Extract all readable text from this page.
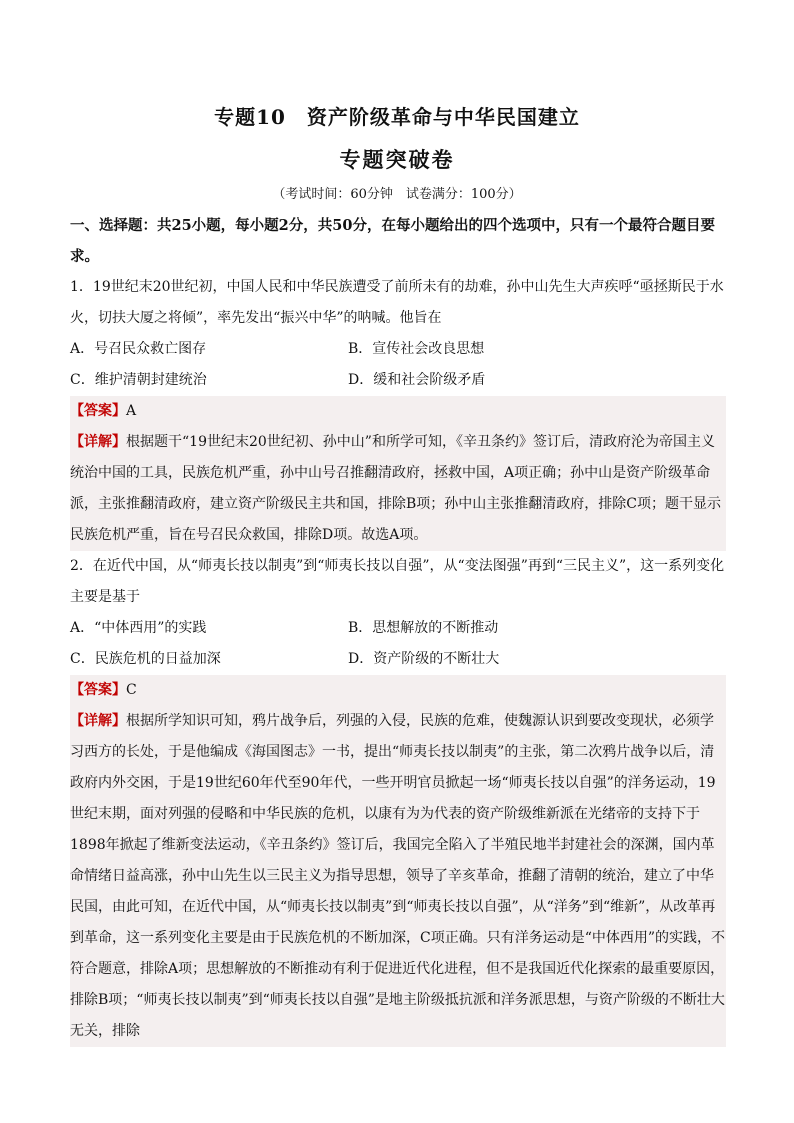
专题10　资产阶级革命与中华民国建立
专题突破卷
（考试时间：60分钟　试卷满分：100分）

一、选择题：共25小题，每小题2分，共50分，在每小题给出的四个选项中，只有一个最符合题目要求。

1．19世纪末20世纪初，中国人民和中华民族遭受了前所未有的劫难，孙中山先生大声疾呼“亟拯斯民于水火，切扶大厦之将倾”，率先发出“振兴中华”的呐喊。他旨在

A．号召民众救亡图存	B．宣传社会改良思想
C．维护清朝封建统治	D．缓和社会阶级矛盾

【答案】A

【详解】根据题干“19世纪末20世纪初、孙中山”和所学可知，《辛丑条约》签订后，清政府沦为帝国主义统治中国的工具，民族危机严重，孙中山号召推翻清政府，拯救中国，A项正确；孙中山是资产阶级革命派，主张推翻清政府，建立资产阶级民主共和国，排除B项；孙中山主张推翻清政府，排除C项；题干显示民族危机严重，旨在号召民众救国，排除D项。故选A项。

2．在近代中国，从“师夷长技以制夷”到“师夷长技以自强”，从“变法图强”再到“三民主义”，这一系列变化主要是基于

A．“中体西用”的实践	B．思想解放的不断推动
C．民族危机的日益加深	D．资产阶级的不断壮大

【答案】C

【详解】根据所学知识可知，鸦片战争后，列强的入侵，民族的危难，使魏源认识到要改变现状，必须学习西方的长处，于是他编成《海国图志》一书，提出“师夷长技以制夷”的主张，第二次鸦片战争以后，清政府内外交困，于是19世纪60年代至90年代，一些开明官员掀起一场“师夷长技以自强”的洋务运动，19世纪末期，面对列强的侵略和中华民族的危机，以康有为为代表的资产阶级维新派在光绪帝的支持下于1898年掀起了维新变法运动，《辛丑条约》签订后，我国完全陷入了半殖民地半封建社会的深渊，国内革命情绪日益高涨，孙中山先生以三民主义为指导思想，领导了辛亥革命，推翻了清朝的统治，建立了中华民国，由此可知，在近代中国，从“师夷长技以制夷”到“师夷长技以自强”，从“洋务”到“维新”，从改革再到革命，这一系列变化主要是由于民族危机的不断加深，C项正确。只有洋务运动是“中体西用”的实践，不符合题意，排除A项；思想解放的不断推动有利于促进近代化进程，但不是我国近代化探索的最重要原因，排除B项；“师夷长技以制夷”到“师夷长技以自强”是地主阶级抵抗派和洋务派思想，与资产阶级的不断壮大无关，排除
